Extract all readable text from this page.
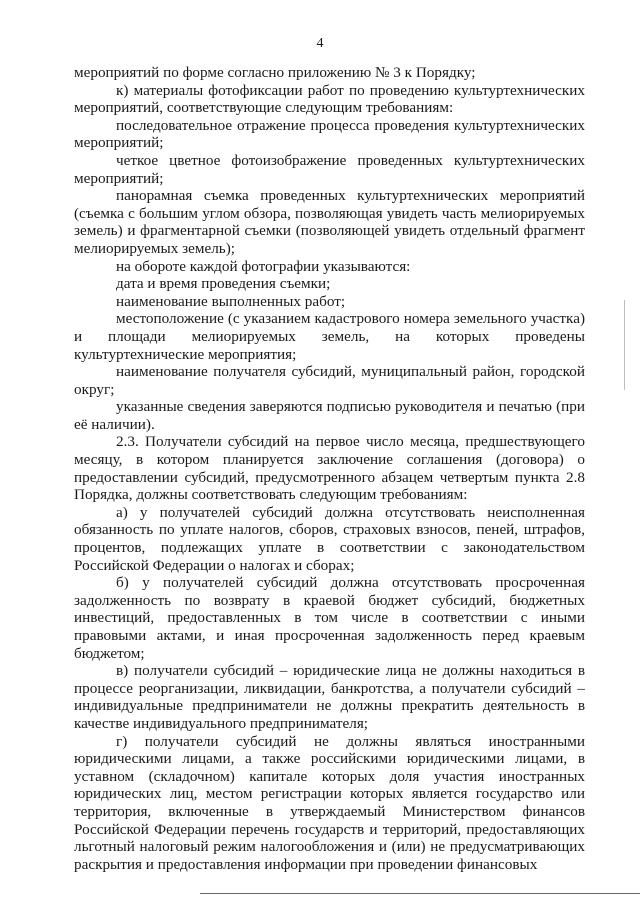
4

мероприятий по форме согласно приложению № 3 к Порядку;

к) материалы фотофиксации работ по проведению культуртехнических мероприятий, соответствующие следующим требованиям:

последовательное отражение процесса проведения культуртехнических мероприятий;

четкое цветное фотоизображение проведенных культуртехнических мероприятий;

панорамная съемка проведенных культуртехнических мероприятий (съемка с большим углом обзора, позволяющая увидеть часть мелиорируемых земель) и фрагментарной съемки (позволяющей увидеть отдельный фрагмент мелиорируемых земель);

на обороте каждой фотографии указываются:

дата и время проведения съемки;

наименование выполненных работ;

местоположение (с указанием кадастрового номера земельного участка) и площади мелиорируемых земель, на которых проведены культуртехнические мероприятия;

наименование получателя субсидий, муниципальный район, городской округ;

указанные сведения заверяются подписью руководителя и печатью (при её наличии).

2.3. Получатели субсидий на первое число месяца, предшествующего месяцу, в котором планируется заключение соглашения (договора) о предоставлении субсидий, предусмотренного абзацем четвертым пункта 2.8 Порядка, должны соответствовать следующим требованиям:

а) у получателей субсидий должна отсутствовать неисполненная обязанность по уплате налогов, сборов, страховых взносов, пеней, штрафов, процентов, подлежащих уплате в соответствии с законодательством Российской Федерации о налогах и сборах;

б) у получателей субсидий должна отсутствовать просроченная задолженность по возврату в краевой бюджет субсидий, бюджетных инвестиций, предоставленных в том числе в соответствии с иными правовыми актами, и иная просроченная задолженность перед краевым бюджетом;

в) получатели субсидий – юридические лица не должны находиться в процессе реорганизации, ликвидации, банкротства, а получатели субсидий – индивидуальные предприниматели не должны прекратить деятельность в качестве индивидуального предпринимателя;

г) получатели субсидий не должны являться иностранными юридическими лицами, а также российскими юридическими лицами, в уставном (складочном) капитале которых доля участия иностранных юридических лиц, местом регистрации которых является государство или территория, включенные в утверждаемый Министерством финансов Российской Федерации перечень государств и территорий, предоставляющих льготный налоговый режим налогообложения и (или) не предусматривающих раскрытия и предоставления информации при проведении финансовых
